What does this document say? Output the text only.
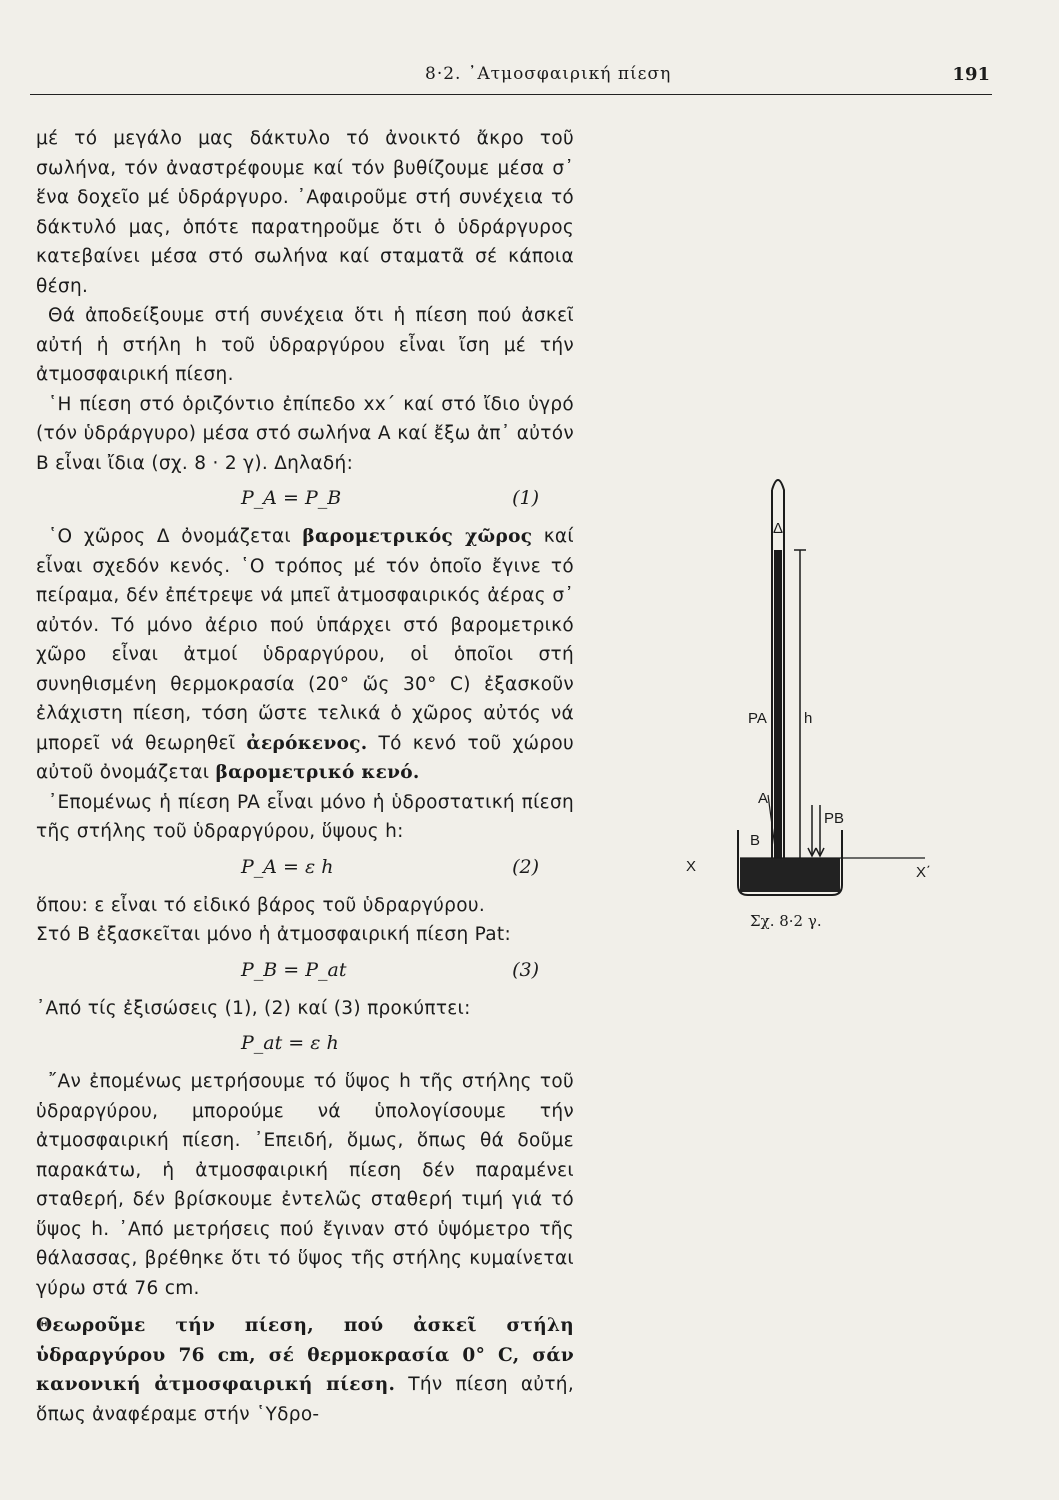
8·2. ᾿Ατμοσφαιρική πίεση	191

μέ τό μεγάλο μας δάκτυλο τό ἀνοικτό ἄκρο τοῦ σωλήνα, τόν ἀναστρέφουμε καί τόν βυθίζουμε μέσα σ᾿ ἕνα δοχεῖο μέ ὑδράργυρο. ᾿Αφαιροῦμε στή συνέχεια τό δάκτυλό μας, ὁπότε παρατηροῦμε ὅτι ὁ ὑδράργυρος κατεβαίνει μέσα στό σωλήνα καί σταματᾶ σέ κάποια θέση.

Θά ἀποδείξουμε στή συνέχεια ὅτι ἡ πίεση πού ἀσκεῖ αὐτή ἡ στήλη h τοῦ ὑδραργύρου εἶναι ἴση μέ τήν ἀτμοσφαιρική πίεση.

῾Η πίεση στό ὁριζόντιο ἐπίπεδο xx΄ καί στό ἴδιο ὑγρό (τόν ὑδράργυρο) μέσα στό σωλήνα A καί ἔξω ἀπ᾿ αὐτόν B εἶναι ἴδια (σχ. 8 · 2 γ). Δηλαδή:

P_A = P_B	(1)

῾Ο χῶρος Δ ὀνομάζεται βαρομετρικός χῶρος καί εἶναι σχεδόν κενός. ῾Ο τρόπος μέ τόν ὁποῖο ἔγινε τό πείραμα, δέν ἐπέτρεψε νά μπεῖ ἀτμοσφαιρικός ἀέρας σ᾿ αὐτόν. Τό μόνο ἀέριο πού ὑπάρχει στό βαρομετρικό χῶρο εἶναι ἀτμοί ὑδραργύρου, οἱ ὁποῖοι στή συνηθισμένη θερμοκρασία (20° ὥς 30° C) ἐξασκοῦν ἐλάχιστη πίεση, τόση ὥστε τελικά ὁ χῶρος αὐτός νά μπορεῖ νά θεωρηθεῖ ἀερόκενος. Τό κενό τοῦ χώρου αὐτοῦ ὀνομάζεται βαρομετρικό κενό.

᾿Επομένως ἡ πίεση PA εἶναι μόνο ἡ ὑδροστατική πίεση τῆς στήλης τοῦ ὑδραργύρου, ὕψους h:

P_A = ε h	(2)

ὅπου: ε εἶναι τό εἰδικό βάρος τοῦ ὑδραργύρου.

Στό B ἐξασκεῖται μόνο ἡ ἀτμοσφαιρική πίεση Pat:

P_B = P_at	(3)

᾿Από τίς ἐξισώσεις (1), (2) καί (3) προκύπτει:

P_at = ε h

῎Αν ἐπομένως μετρήσουμε τό ὕψος h τῆς στήλης τοῦ ὑδραργύρου, μπορούμε νά ὑπολογίσουμε τήν ἀτμοσφαιρική πίεση. ᾿Επειδή, ὅμως, ὅπως θά δοῦμε παρακάτω, ἡ ἀτμοσφαιρική πίεση δέν παραμένει σταθερή, δέν βρίσκουμε ἐντελῶς σταθερή τιμή γιά τό ὕψος h. ᾿Από μετρήσεις πού ἔγιναν στό ὑψόμετρο τῆς θάλασσας, βρέθηκε ὅτι τό ὕψος τῆς στήλης κυμαίνεται γύρω στά 76 cm.

Θεωροῦμε τήν πίεση, πού ἀσκεῖ στήλη ὑδραργύρου 76 cm, σέ θερμοκρασία 0° C, σάν κανονική ἀτμοσφαιρική πίεση. Τήν πίεση αὐτή, ὅπως ἀναφέραμε στήν ῾Υδρο-

Δ
PA h
A
B
PB
X	X΄
Σχ. 8·2 γ.
